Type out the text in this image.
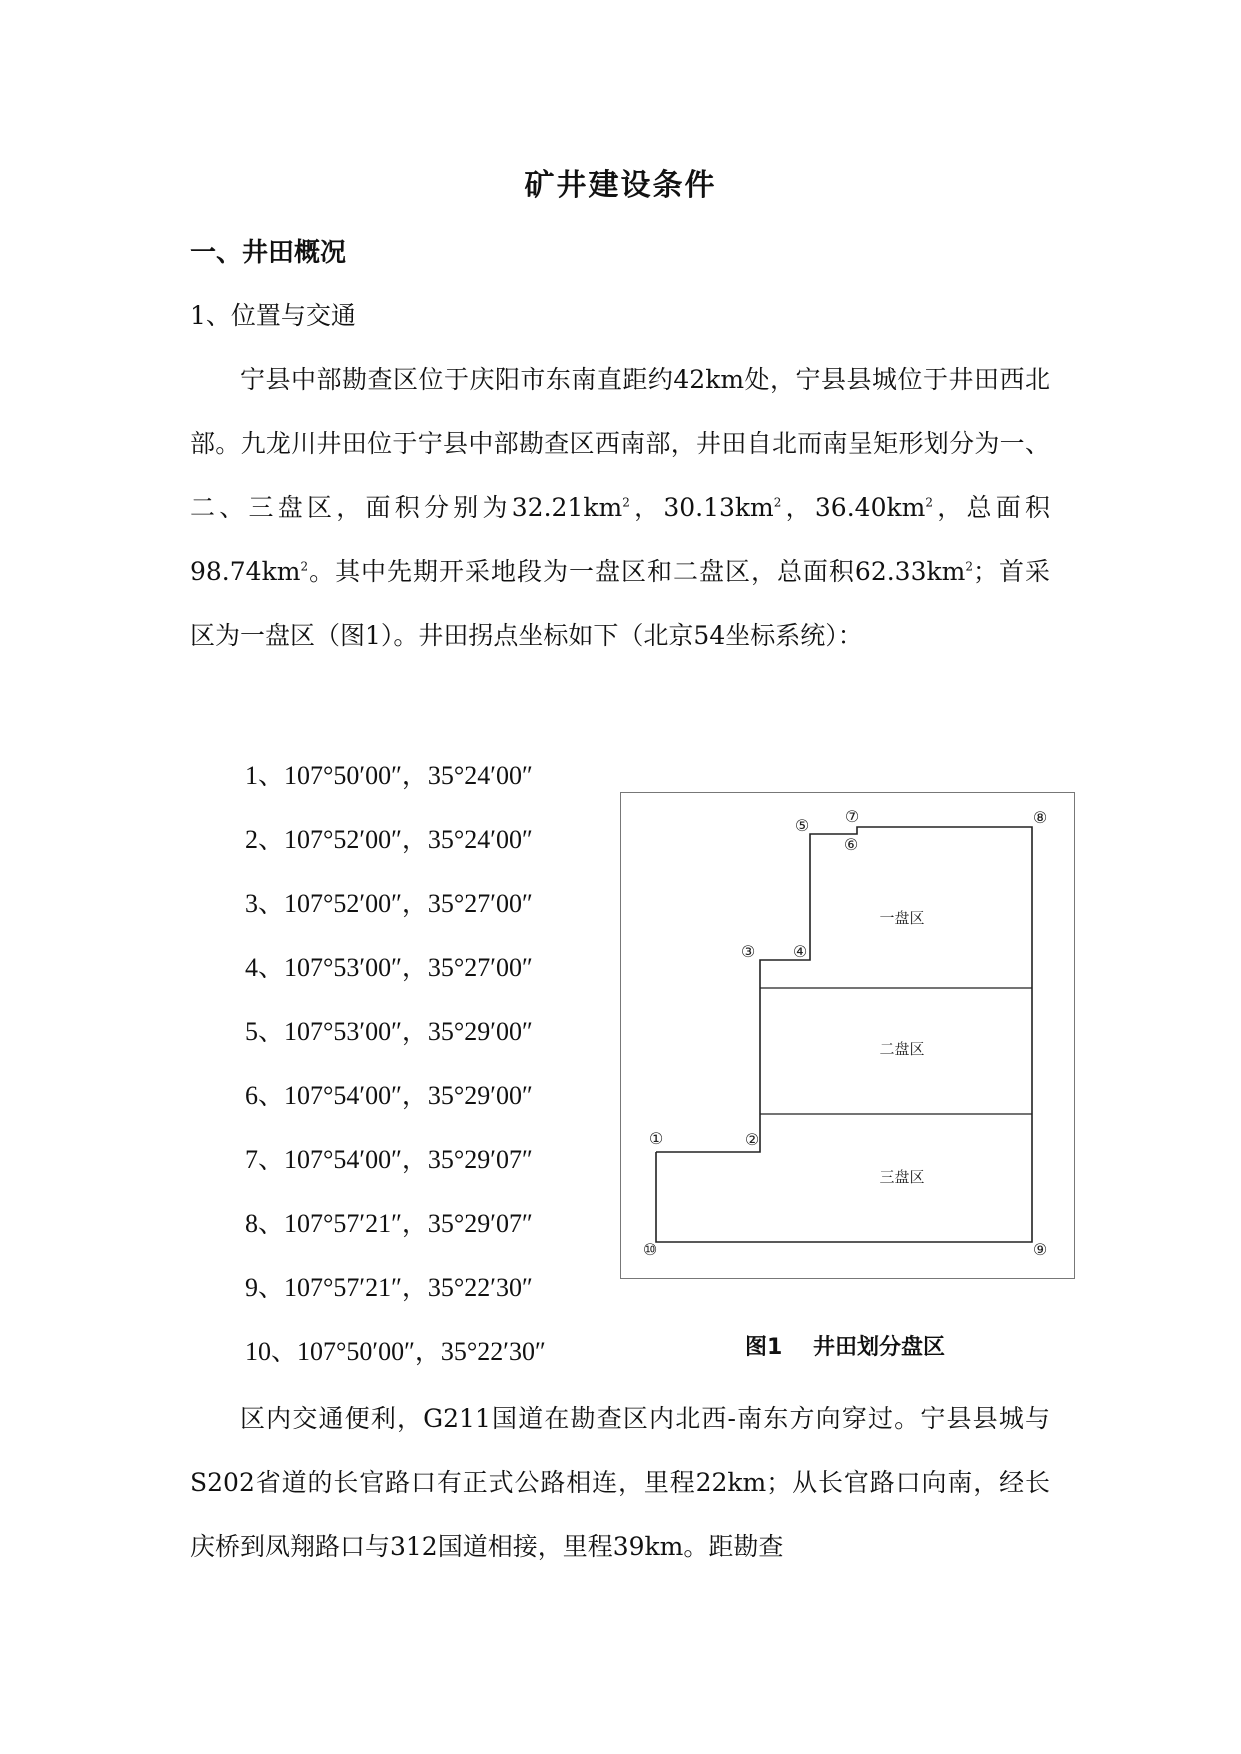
矿井建设条件
一、井田概况
1、位置与交通

宁县中部勘查区位于庆阳市东南直距约42km处，宁县县城位于井田西北部。九龙川井田位于宁县中部勘查区西南部，井田自北而南呈矩形划分为一、二、三盘区，面积分别为$32.21km^2$，$30.13km^2$，$36.40km^2$，总面积$98.74km^2$。其中先期开采地段为一盘区和二盘区，总面积$62.33km^2$；首采区为一盘区（图1）。井田拐点坐标如下（北京54坐标系统）：

1、107°50′00″，35°24′00″
2、107°52′00″，35°24′00″
3、107°52′00″，35°27′00″
4、107°53′00″，35°27′00″
5、107°53′00″，35°29′00″
6、107°54′00″，35°29′00″
7、107°54′00″，35°29′07″
8、107°57′21″，35°29′07″
9、107°57′21″，35°22′30″
10、107°50′00″，35°22′30″
①	②
③ ④
⑤
⑥
⑦	⑧
⑨
⑩
一盘区
二盘区
三盘区
图1    井田划分盘区

区内交通便利，G211国道在勘查区内北西-南东方向穿过。宁县县城与S202省道的长官路口有正式公路相连，里程22km；从长官路口向南，经长庆桥到凤翔路口与312国道相接，里程39km。距勘查
